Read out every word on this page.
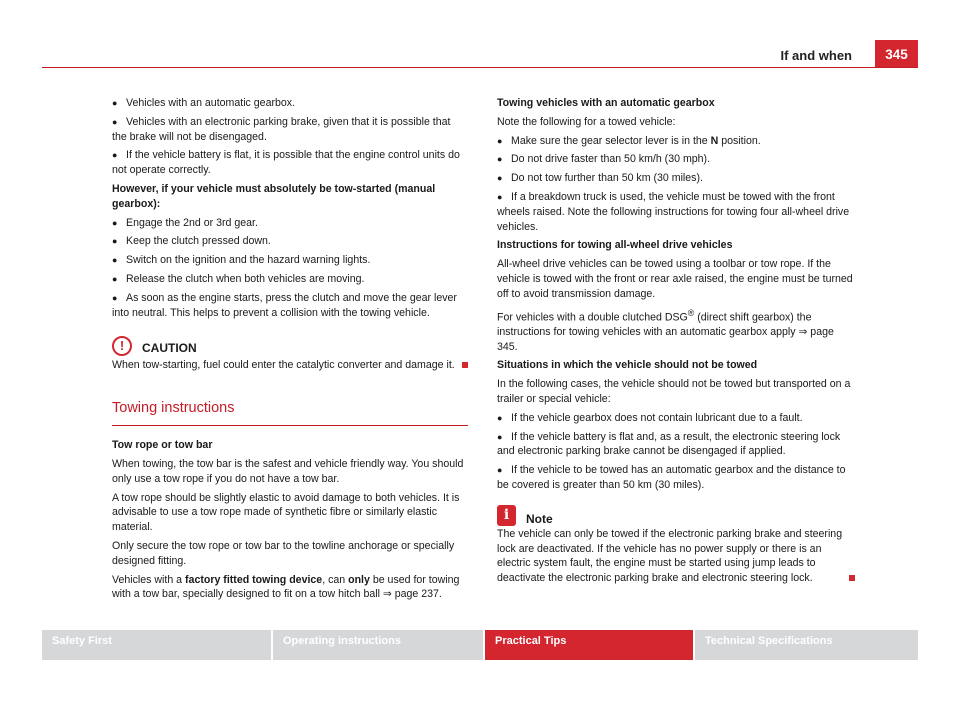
If and when	345
● Vehicles with an automatic gearbox.
● Vehicles with an electronic parking brake, given that it is possible that the brake will not be disengaged.
● If the vehicle battery is flat, it is possible that the engine control units do not operate correctly.
However, if your vehicle must absolutely be tow-started (manual gearbox):
● Engage the 2nd or 3rd gear.
● Keep the clutch pressed down.
● Switch on the ignition and the hazard warning lights.
● Release the clutch when both vehicles are moving.
● As soon as the engine starts, press the clutch and move the gear lever into neutral. This helps to prevent a collision with the towing vehicle.
!	CAUTION
When tow-starting, fuel could enter the catalytic converter and damage it.
Towing instructions
Tow rope or tow bar
When towing, the tow bar is the safest and vehicle friendly way. You should only use a tow rope if you do not have a tow bar.
A tow rope should be slightly elastic to avoid damage to both vehicles. It is advisable to use a tow rope made of synthetic fibre or similarly elastic material.
Only secure the tow rope or tow bar to the towline anchorage or specially designed fitting.
Vehicles with a factory fitted towing device, can only be used for towing with a tow bar, specially designed to fit on a tow hitch ball ⇒ page 237.
Towing vehicles with an automatic gearbox
Note the following for a towed vehicle:
● Make sure the gear selector lever is in the N position.
● Do not drive faster than 50 km/h (30 mph).
● Do not tow further than 50 km (30 miles).
● If a breakdown truck is used, the vehicle must be towed with the front wheels raised. Note the following instructions for towing four all-wheel drive vehicles.
Instructions for towing all-wheel drive vehicles
All-wheel drive vehicles can be towed using a toolbar or tow rope. If the vehicle is towed with the front or rear axle raised, the engine must be turned off to avoid transmission damage.
For vehicles with a double clutched DSG® (direct shift gearbox) the instructions for towing vehicles with an automatic gearbox apply ⇒ page 345.
Situations in which the vehicle should not be towed
In the following cases, the vehicle should not be towed but transported on a trailer or special vehicle:
● If the vehicle gearbox does not contain lubricant due to a fault.
● If the vehicle battery is flat and, as a result, the electronic steering lock and electronic parking brake cannot be disengaged if applied.
● If the vehicle to be towed has an automatic gearbox and the distance to be covered is greater than 50 km (30 miles).
i	Note
The vehicle can only be towed if the electronic parking brake and steering lock are deactivated. If the vehicle has no power supply or there is an electric system fault, the engine must be started using jump leads to deactivate the electronic parking brake and electronic steering lock.
Safety First	Operating instructions	Practical Tips	Technical Specifications
